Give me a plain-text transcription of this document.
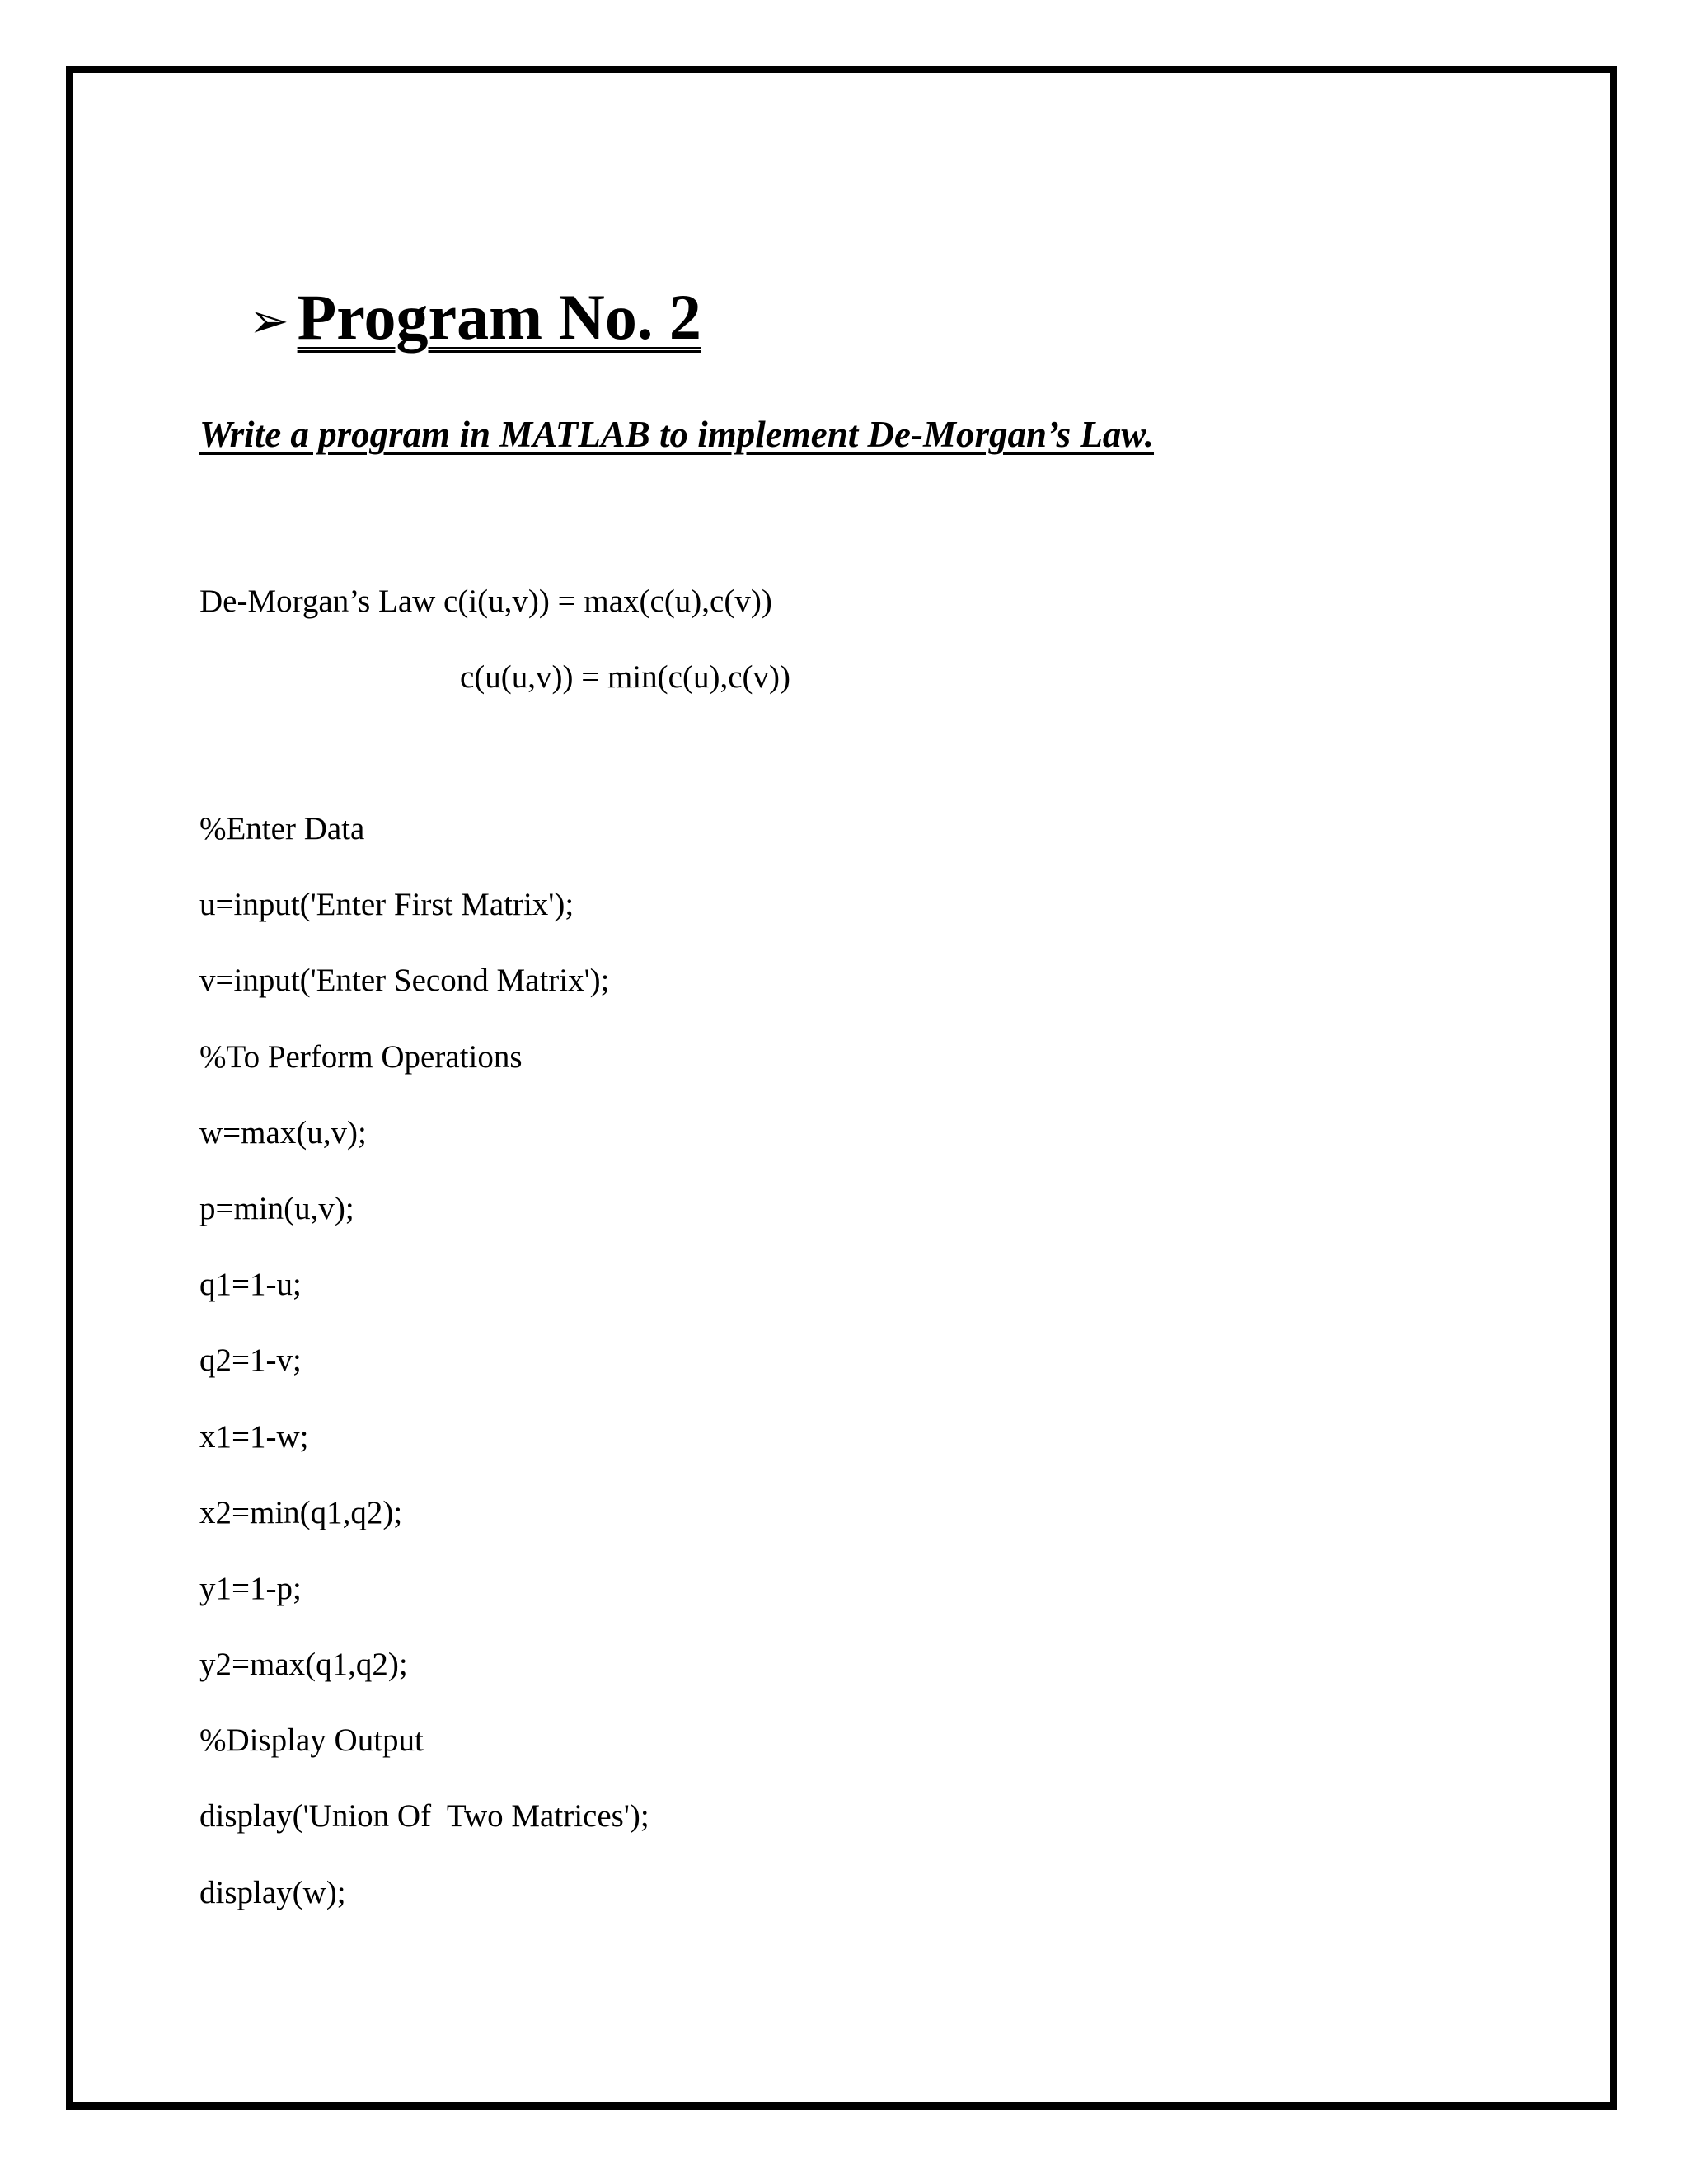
➢ Program No. 2
Write a program in MATLAB to implement De-Morgan’s Law.
De-Morgan’s Law c(i(u,v)) = max(c(u),c(v))
c(u(u,v)) = min(c(u),c(v))
%Enter Data
u=input('Enter First Matrix');
v=input('Enter Second Matrix');
%To Perform Operations
w=max(u,v);
p=min(u,v);
q1=1-u;
q2=1-v;
x1=1-w;
x2=min(q1,q2);
y1=1-p;
y2=max(q1,q2);
%Display Output
display('Union Of  Two Matrices');
display(w);
